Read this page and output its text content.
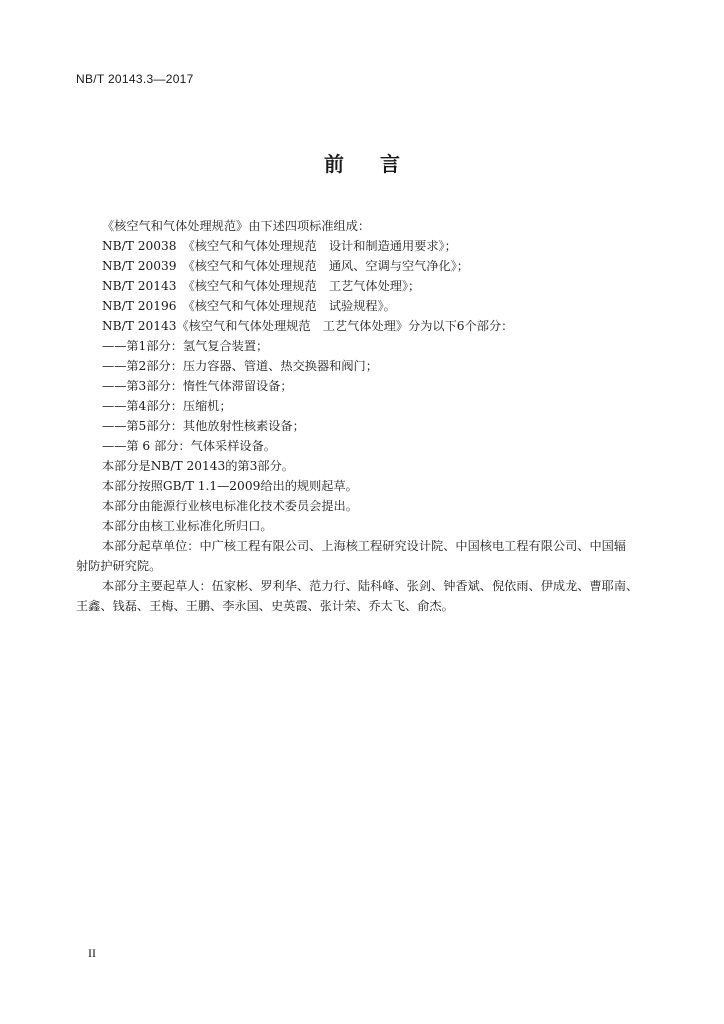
NB/T 20143.3—2017
前言
《核空气和气体处理规范》由下述四项标准组成：
NB/T 20038　《核空气和气体处理规范　设计和制造通用要求》；
NB/T 20039　《核空气和气体处理规范　通风、空调与空气净化》；
NB/T 20143　《核空气和气体处理规范　工艺气体处理》；
NB/T 20196　《核空气和气体处理规范　试验规程》。
NB/T 20143《核空气和气体处理规范　工艺气体处理》分为以下6个部分：
——第1部分：氢气复合装置；
——第2部分：压力容器、管道、热交换器和阀门；
——第3部分：惰性气体滞留设备；
——第4部分：压缩机；
——第5部分：其他放射性核素设备；
——第 6 部分：气体采样设备。
本部分是NB/T 20143的第3部分。
本部分按照GB/T 1.1—2009给出的规则起草。
本部分由能源行业核电标准化技术委员会提出。
本部分由核工业标准化所归口。
本部分起草单位：中广核工程有限公司、上海核工程研究设计院、中国核电工程有限公司、中国辐
射防护研究院。
本部分主要起草人：伍家彬、罗利华、范力行、陆科峰、张剑、钟香斌、倪依雨、伊成龙、曹耶南、
王鑫、钱磊、王梅、王鹏、李永国、史英霞、张计荣、乔太飞、俞杰。
II
